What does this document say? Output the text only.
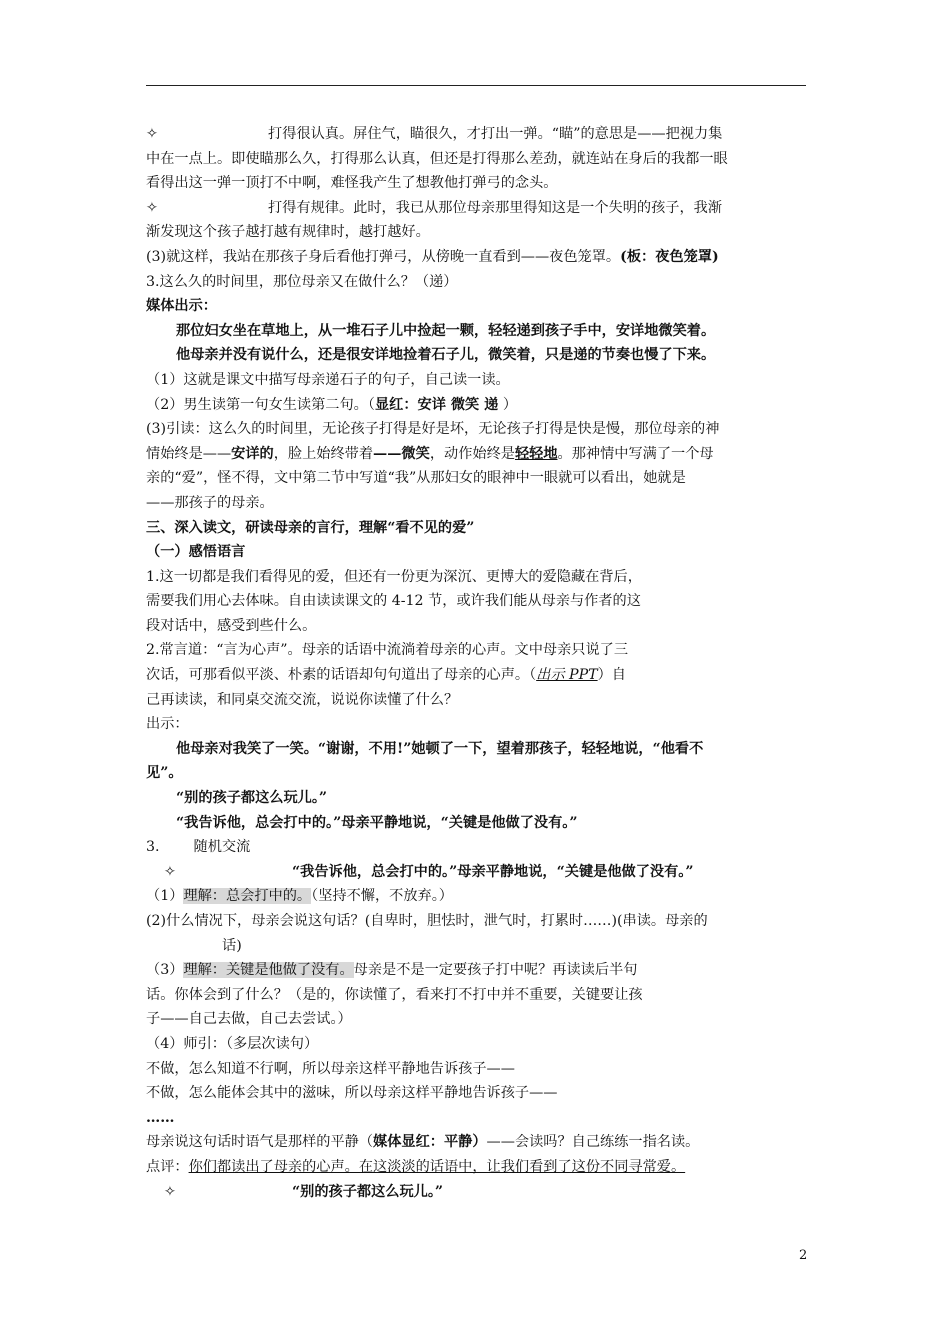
✧	打得很认真。屏住气，瞄很久，才打出一弹。“瞄”的意思是——把视力集

中在一点上。即使瞄那么久，打得那么认真，但还是打得那么差劲，就连站在身后的我都一眼

看得出这一弹一顶打不中啊，难怪我产生了想教他打弹弓的念头。

✧	打得有规律。此时，我已从那位母亲那里得知这是一个失明的孩子，我渐

渐发现这个孩子越打越有规律时，越打越好。

(3)就这样，我站在那孩子身后看他打弹弓，从傍晚一直看到——夜色笼罩。(板：夜色笼罩)

3.这么久的时间里，那位母亲又在做什么？（递）

媒体出示：

那位妇女坐在草地上，从一堆石子儿中捡起一颗，轻轻递到孩子手中，安详地微笑着。

他母亲并没有说什么，还是很安详地捡着石子儿，微笑着，只是递的节奏也慢了下来。

（1）这就是课文中描写母亲递石子的句子，自己读一读。

（2）男生读第一句女生读第二句。（显红：安详 微笑 递 ）

(3)引读：这么久的时间里，无论孩子打得是好是坏，无论孩子打得是快是慢，那位母亲的神

情始终是——安详的，脸上始终带着——微笑，动作始终是轻轻地。那神情中写满了一个母

亲的“爱”，怪不得，文中第二节中写道“我”从那妇女的眼神中一眼就可以看出，她就是

——那孩子的母亲。

三、深入读文，研读母亲的言行，理解“看不见的爱”

（一）感悟语言

1.这一切都是我们看得见的爱，但还有一份更为深沉、更博大的爱隐藏在背后，

需要我们用心去体味。自由读读课文的 4-12 节，或许我们能从母亲与作者的这

段对话中，感受到些什么。

2.常言道：“言为心声”。母亲的话语中流淌着母亲的心声。文中母亲只说了三

次话，可那看似平淡、朴素的话语却句句道出了母亲的心声。（出示 PPT）自

己再读读，和同桌交流交流，说说你读懂了什么？

出示：

他母亲对我笑了一笑。“谢谢，不用!”她顿了一下，望着那孩子，轻轻地说，“他看不

见”。

“别的孩子都这么玩儿。”

“我告诉他，总会打中的。”母亲平静地说，“关键是他做了没有。”

3. 随机交流

✧	“我告诉他，总会打中的。”母亲平静地说，“关键是他做了没有。”

（1）理解：总会打中的。（坚持不懈，不放弃。）

(2)什么情况下，母亲会说这句话？(自卑时，胆怯时，泄气时，打累时……)(串读。母亲的

话)

（3）理解：关键是他做了没有。母亲是不是一定要孩子打中呢？再读读后半句

话。你体会到了什么？（是的，你读懂了，看来打不打中并不重要，关键要让孩

子——自己去做，自己去尝试。）

（4）师引：（多层次读句）

不做，怎么知道不行啊，所以母亲这样平静地告诉孩子——

不做，怎么能体会其中的滋味，所以母亲这样平静地告诉孩子——

……

母亲说这句话时语气是那样的平静（媒体显红：平静）——会读吗？自己练练一指名读。

点评：你们都读出了母亲的心声。在这淡淡的话语中，让我们看到了这份不同寻常爱。

✧	“别的孩子都这么玩儿。”

2
